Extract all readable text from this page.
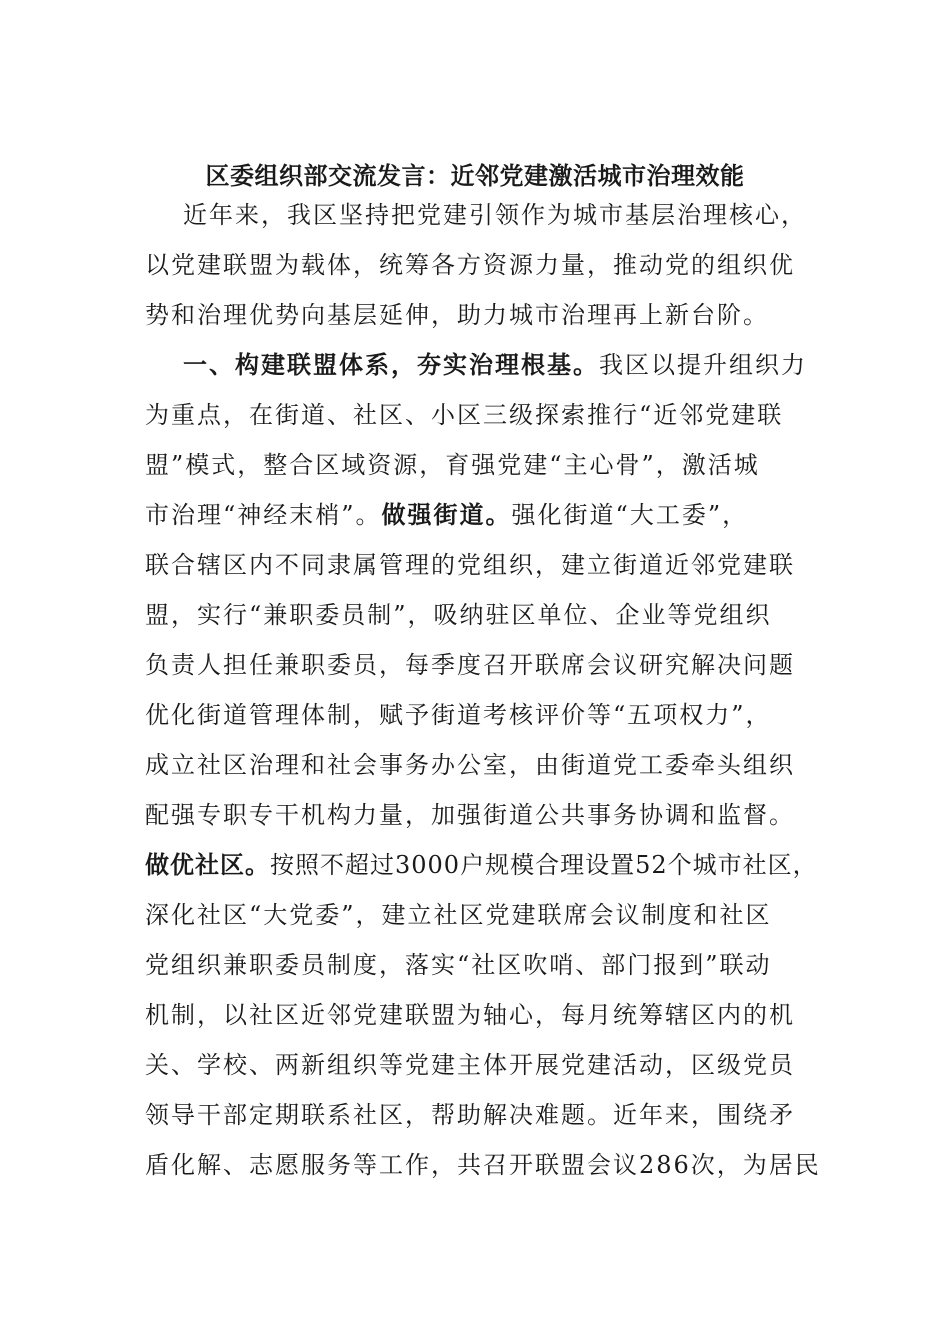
区委组织部交流发言：近邻党建激活城市治理效能
近年来，我区坚持把党建引领作为城市基层治理核心，
以党建联盟为载体，统筹各方资源力量，推动党的组织优
势和治理优势向基层延伸，助力城市治理再上新台阶。
一、构建联盟体系，夯实治理根基。我区以提升组织力
为重点，在街道、社区、小区三级探索推行“近邻党建联
盟”模式，整合区域资源，育强党建“主心骨”，激活城
市治理“神经末梢”。做强街道。强化街道“大工委”，
联合辖区内不同隶属管理的党组织，建立街道近邻党建联
盟，实行“兼职委员制”，吸纳驻区单位、企业等党组织
负责人担任兼职委员，每季度召开联席会议研究解决问题
优化街道管理体制，赋予街道考核评价等“五项权力”，
成立社区治理和社会事务办公室，由街道党工委牵头组织
配强专职专干机构力量，加强街道公共事务协调和监督。
做优社区。按照不超过3000户规模合理设置52个城市社区，
深化社区“大党委”，建立社区党建联席会议制度和社区
党组织兼职委员制度，落实“社区吹哨、部门报到”联动
机制，以社区近邻党建联盟为轴心，每月统筹辖区内的机
关、学校、两新组织等党建主体开展党建活动，区级党员
领导干部定期联系社区，帮助解决难题。近年来，围绕矛
盾化解、志愿服务等工作，共召开联盟会议286次，为居民
